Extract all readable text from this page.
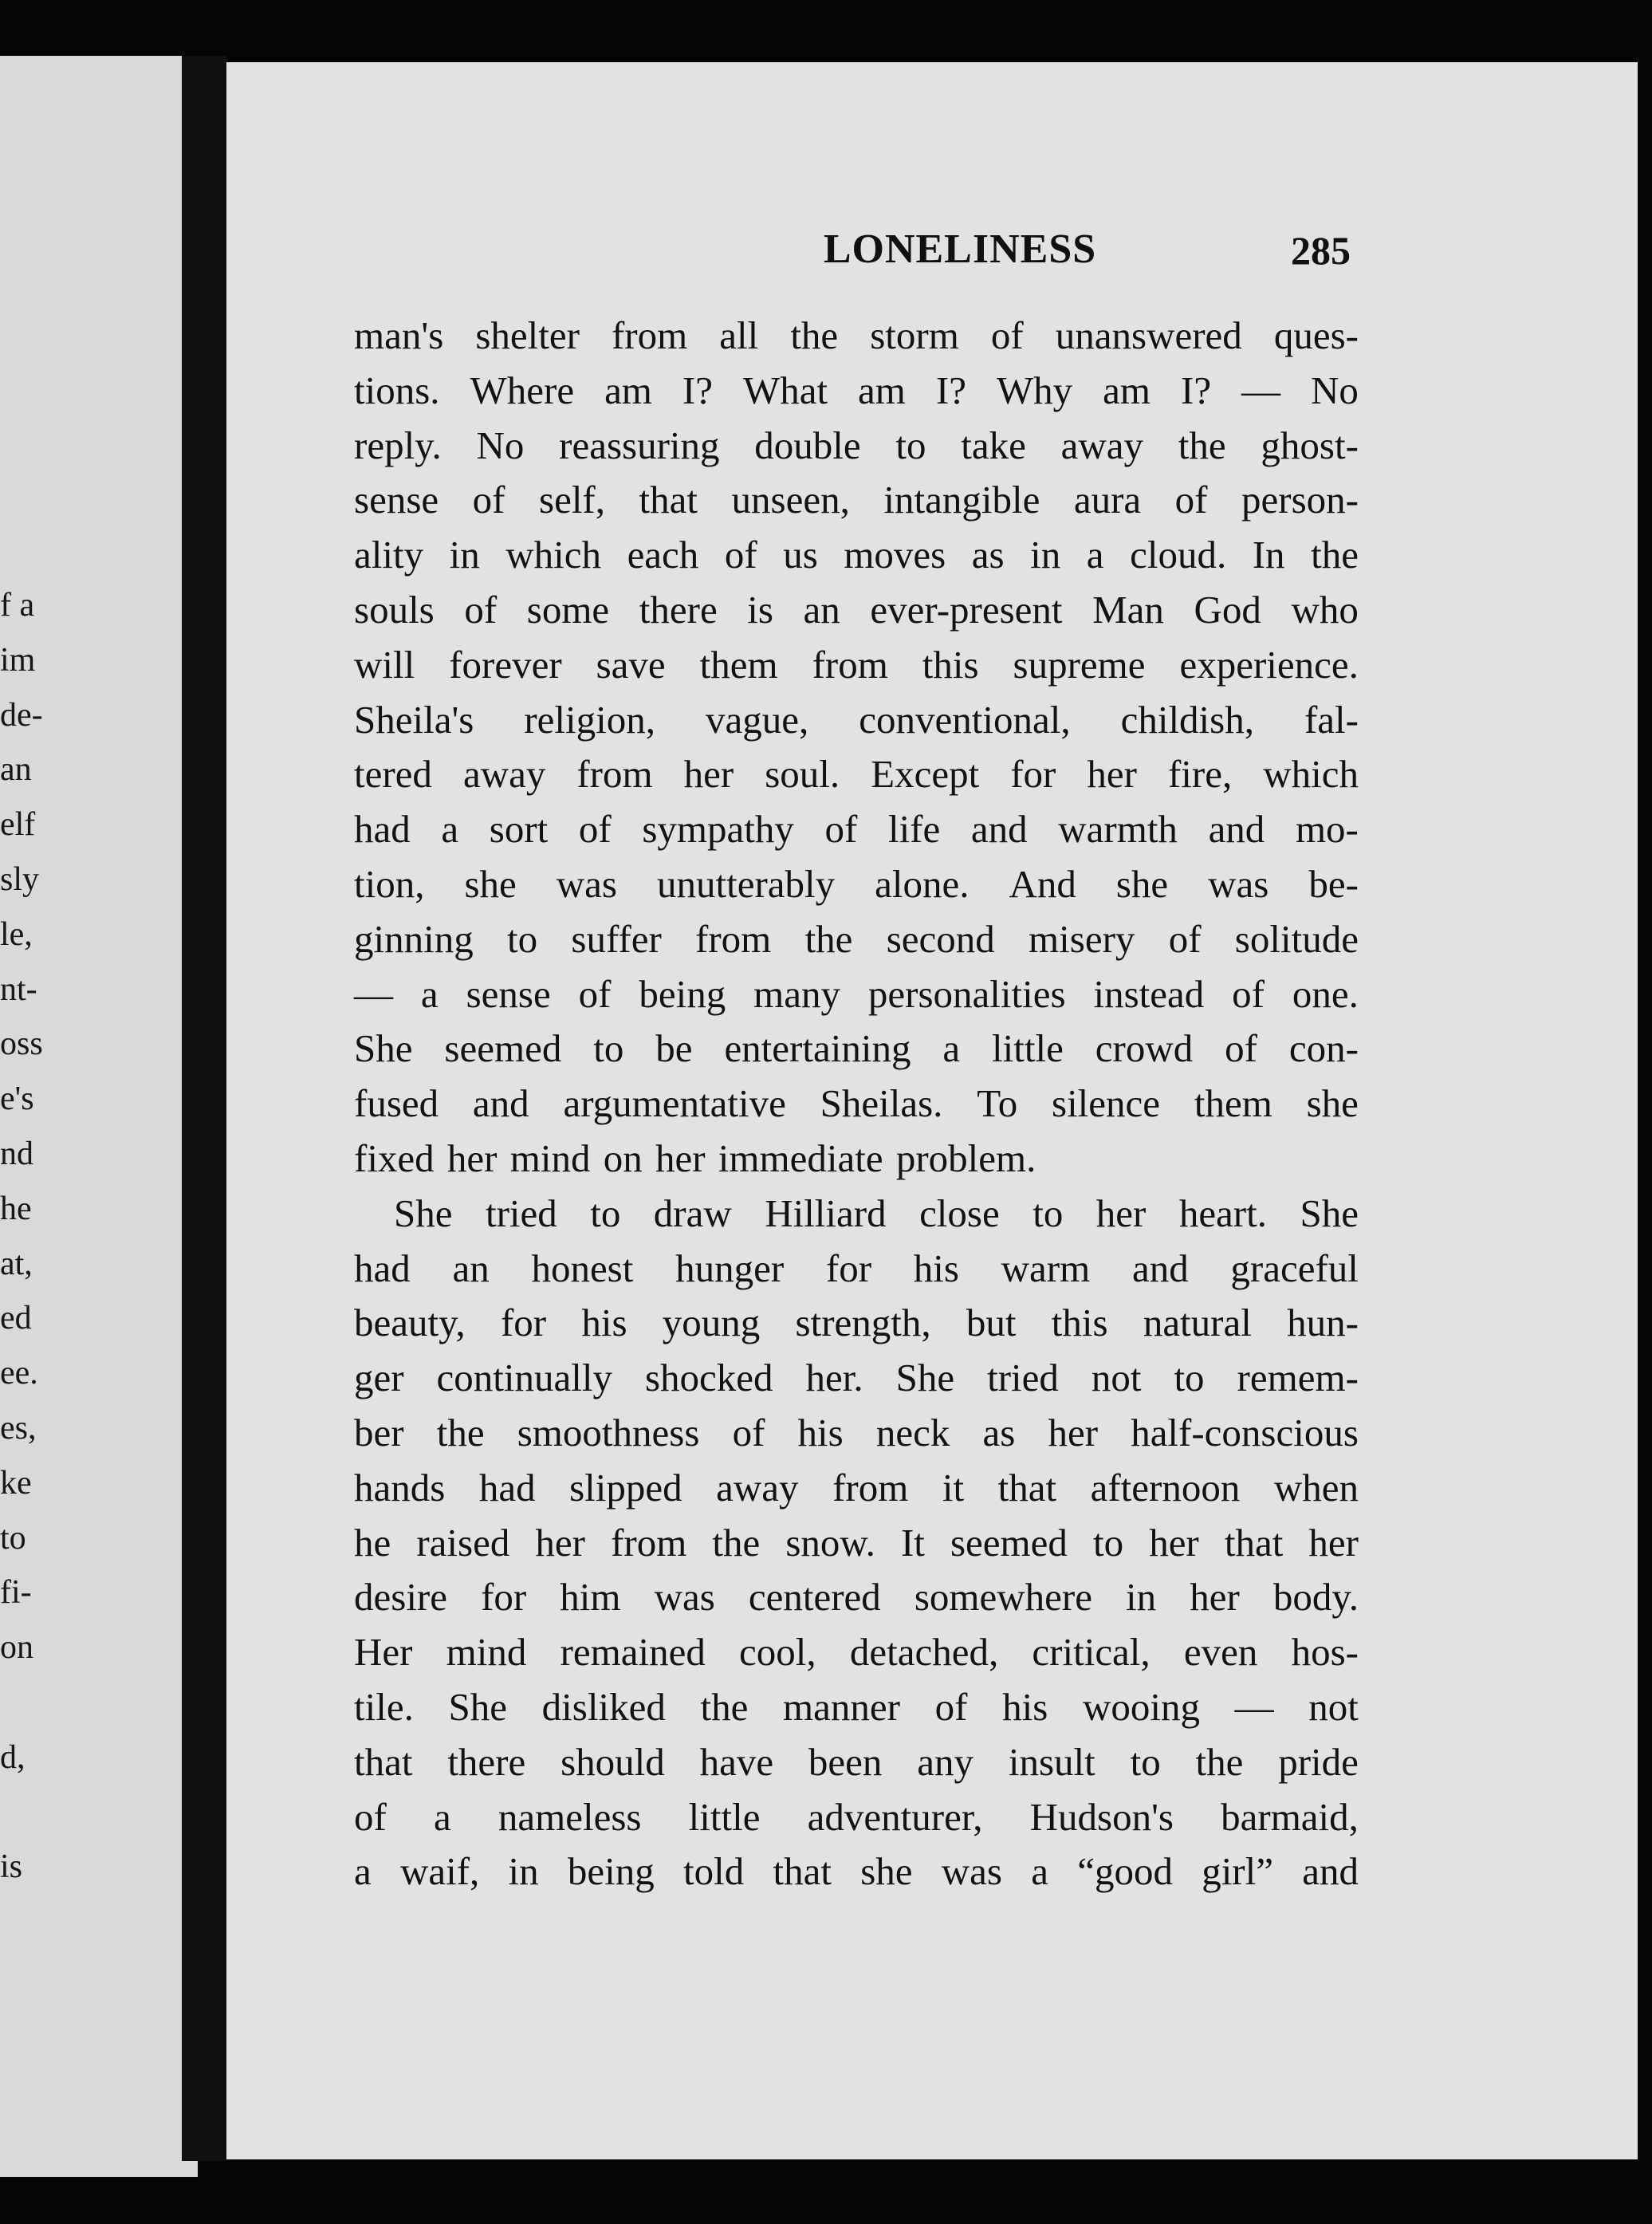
f a
im
de-
an
elf
sly
le,
nt-
oss
e's
nd
he
at,
ed
ee.
es,
ke
to
fi-
on
d,
is
LONELINESS	285
man's shelter from all the storm of unanswered ques-
tions. Where am I? What am I? Why am I? — No
reply. No reassuring double to take away the ghost-
sense of self, that unseen, intangible aura of person-
ality in which each of us moves as in a cloud. In the
souls of some there is an ever-present Man God who
will forever save them from this supreme experience.
Sheila's religion, vague, conventional, childish, fal-
tered away from her soul. Except for her fire, which
had a sort of sympathy of life and warmth and mo-
tion, she was unutterably alone. And she was be-
ginning to suffer from the second misery of solitude
— a sense of being many personalities instead of one.
She seemed to be entertaining a little crowd of con-
fused and argumentative Sheilas. To silence them she
fixed her mind on her immediate problem.
She tried to draw Hilliard close to her heart. She
had an honest hunger for his warm and graceful
beauty, for his young strength, but this natural hun-
ger continually shocked her. She tried not to remem-
ber the smoothness of his neck as her half-conscious
hands had slipped away from it that afternoon when
he raised her from the snow. It seemed to her that her
desire for him was centered somewhere in her body.
Her mind remained cool, detached, critical, even hos-
tile. She disliked the manner of his wooing — not
that there should have been any insult to the pride
of a nameless little adventurer, Hudson's barmaid,
a waif, in being told that she was a “good girl” and
